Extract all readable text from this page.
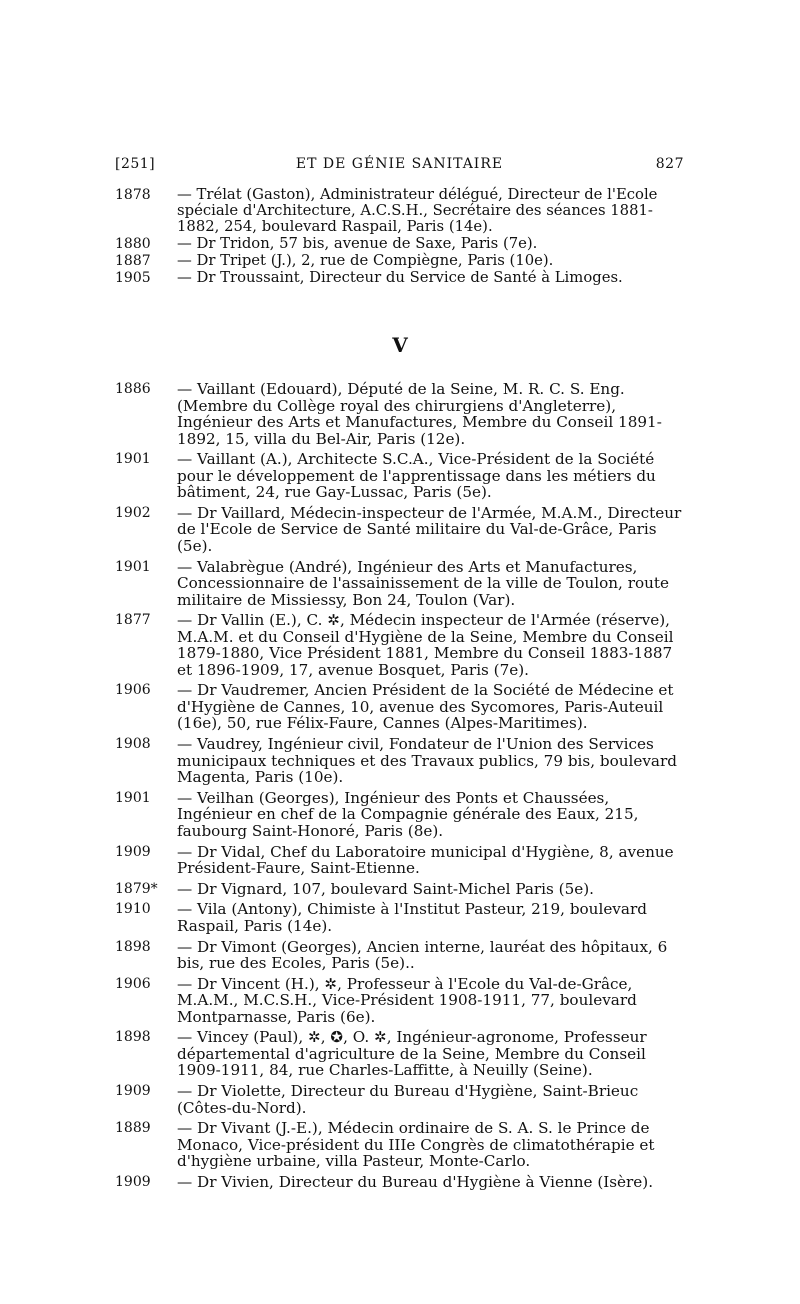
[251]	ET DE GÉNIE SANITAIRE	827
1878 — Trélat (Gaston), Administrateur délégué, Directeur de l'Ecole spéciale d'Architecture, A.C.S.H., Secrétaire des séances 1881-1882, 254, boulevard Raspail, Paris (14e).
1880 — Dr Tridon, 57 bis, avenue de Saxe, Paris (7e).
1887 — Dr Tripet (J.), 2, rue de Compiègne, Paris (10e).
1905 — Dr Troussaint, Directeur du Service de Santé à Limoges.
V
1886 — Vaillant (Edouard), Député de la Seine, M. R. C. S. Eng. (Membre du Collège royal des chirurgiens d'Angleterre), Ingénieur des Arts et Manufactures, Membre du Conseil 1891-1892, 15, villa du Bel-Air, Paris (12e).
1901 — Vaillant (A.), Architecte S.C.A., Vice-Président de la Société pour le développement de l'apprentissage dans les métiers du bâtiment, 24, rue Gay-Lussac, Paris (5e).
1902 — Dr Vaillard, Médecin-inspecteur de l'Armée, M.A.M., Directeur de l'Ecole de Service de Santé militaire du Val-de-Grâce, Paris (5e).
1901 — Valabrègue (André), Ingénieur des Arts et Manufactures, Concessionnaire de l'assainissement de la ville de Toulon, route militaire de Missiessy, Bon 24, Toulon (Var).
1877 — Dr Vallin (E.), C. ✲, Médecin inspecteur de l'Armée (réserve), M.A.M. et du Conseil d'Hygiène de la Seine, Membre du Conseil 1879-1880, Vice Président 1881, Membre du Conseil 1883-1887 et 1896-1909, 17, avenue Bosquet, Paris (7e).
1906 — Dr Vaudremer, Ancien Président de la Société de Médecine et d'Hygiène de Cannes, 10, avenue des Sycomores, Paris-Auteuil (16e), 50, rue Félix-Faure, Cannes (Alpes-Maritimes).
1908 — Vaudrey, Ingénieur civil, Fondateur de l'Union des Services municipaux techniques et des Travaux publics, 79 bis, boulevard Magenta, Paris (10e).
1901 — Veilhan (Georges), Ingénieur des Ponts et Chaussées, Ingénieur en chef de la Compagnie générale des Eaux, 215, faubourg Saint-Honoré, Paris (8e).
1909 — Dr Vidal, Chef du Laboratoire municipal d'Hygiène, 8, avenue Président-Faure, Saint-Etienne.
1879* — Dr Vignard, 107, boulevard Saint-Michel Paris (5e).
1910 — Vila (Antony), Chimiste à l'Institut Pasteur, 219, boulevard Raspail, Paris (14e).
1898 — Dr Vimont (Georges), Ancien interne, lauréat des hôpitaux, 6 bis, rue des Ecoles, Paris (5e)..
1906 — Dr Vincent (H.), ✲, Professeur à l'Ecole du Val-de-Grâce, M.A.M., M.C.S.H., Vice-Président 1908-1911, 77, boulevard Montparnasse, Paris (6e).
1898 — Vincey (Paul), ✲, ✪, O. ✲, Ingénieur-agronome, Professeur départemental d'agriculture de la Seine, Membre du Conseil 1909-1911, 84, rue Charles-Laffitte, à Neuilly (Seine).
1909 — Dr Violette, Directeur du Bureau d'Hygiène, Saint-Brieuc (Côtes-du-Nord).
1889 — Dr Vivant (J.-E.), Médecin ordinaire de S. A. S. le Prince de Monaco, Vice-président du IIIe Congrès de climatothérapie et d'hygiène urbaine, villa Pasteur, Monte-Carlo.
1909 — Dr Vivien, Directeur du Bureau d'Hygiène à Vienne (Isère).
